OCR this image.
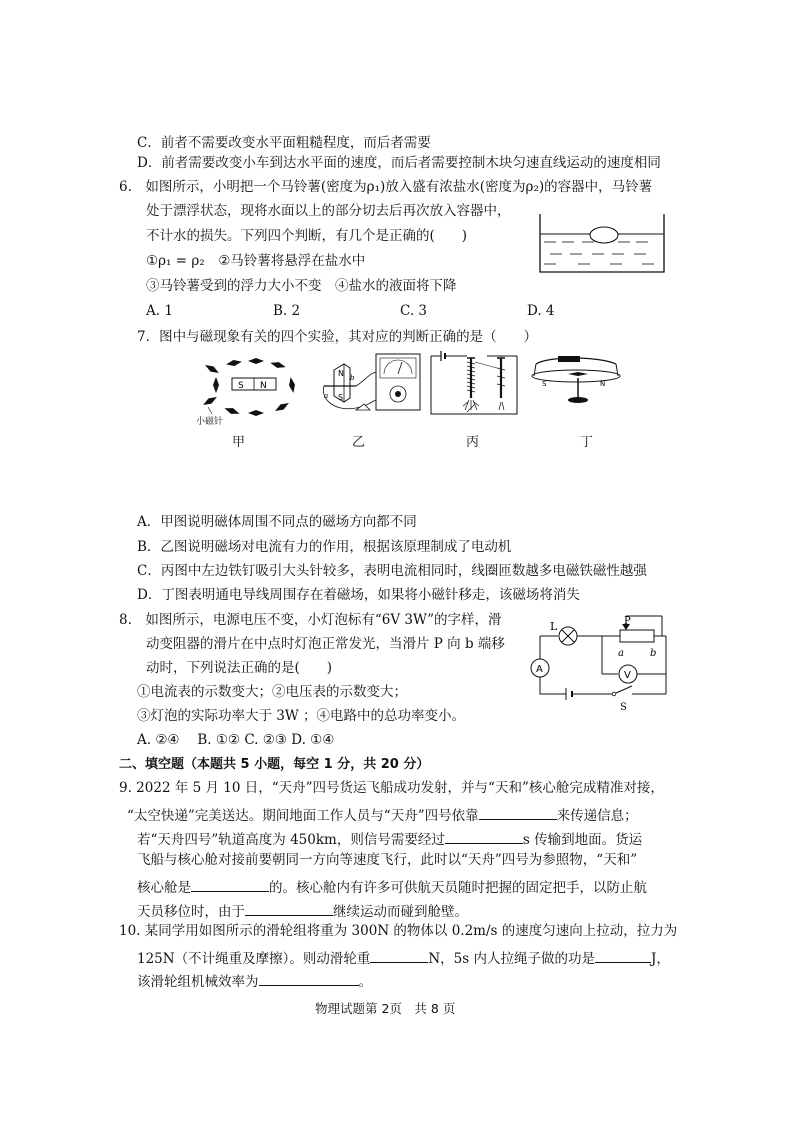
C．前者不需要改变水平面粗糙程度，而后者需要
D．前者需要改变小车到达水平面的速度，而后者需要控制木块匀速直线运动的速度相同
6.　如图所示，小明把一个马铃薯(密度为ρ₁)放入盛有浓盐水(密度为ρ₂)的容器中，马铃薯
处于漂浮状态，现将水面以上的部分切去后再次放入容器中，
不计水的损失。下列四个判断，有几个是正确的(　　)
①ρ₁ = ρ₂　②马铃薯将悬浮在盐水中
③马铃薯受到的浮力大小不变　④盐水的液面将下降
A. 1	B. 2	C. 3	D. 4
7．图中与磁现象有关的四个实验，其对应的判断正确的是（　　）
S N
小磁针
N
S
a
b
S	N
甲	乙	丙	丁
A．甲图说明磁体周围不同点的磁场方向都不同
B．乙图说明磁场对电流有力的作用，根据该原理制成了电动机
C．丙图中左边铁钉吸引大头针较多，表明电流相同时，线圈匝数越多电磁铁磁性越强
D．丁图表明通电导线周围存在着磁场，如果将小磁针移走，该磁场将消失
8.　如图所示，电源电压不变，小灯泡标有“6V 3W”的字样，滑
动变阻器的滑片在中点时灯泡正常发光，当滑片 P 向 b 端移
动时，下列说法正确的是(　　)
①电流表的示数变大；②电压表的示数变大；
③灯泡的实际功率大于 3W ；④电路中的总功率变小。
A. ②④　 B. ①② C. ②③ D. ①④
L	P
a	b
A
V
S
二、填空题（本题共 5 小题，每空 1 分，共 20 分）
9. 2022 年 5 月 10 日，“天舟”四号货运飞船成功发射，并与“天和”核心舱完成精准对接，
“太空快递”完美送达。期间地面工作人员与“天舟”四号依靠	来传递信息；
若“天舟四号”轨道高度为 450km，则信号需要经过	s 传输到地面。货运
飞船与核心舱对接前要朝同一方向等速度飞行，此时以“天舟”四号为参照物，“天和”
核心舱是	的。核心舱内有许多可供航天员随时把握的固定把手，以防止航
天员移位时，由于	继续运动而碰到舱壁。
10. 某同学用如图所示的滑轮组将重为 300N 的物体以 0.2m/s 的速度匀速向上拉动，拉力为
125N（不计绳重及摩擦）。则动滑轮重	N，5s 内人拉绳子做的功是	J，
该滑轮组机械效率为	。
物理试题第 2页　共 8 页
